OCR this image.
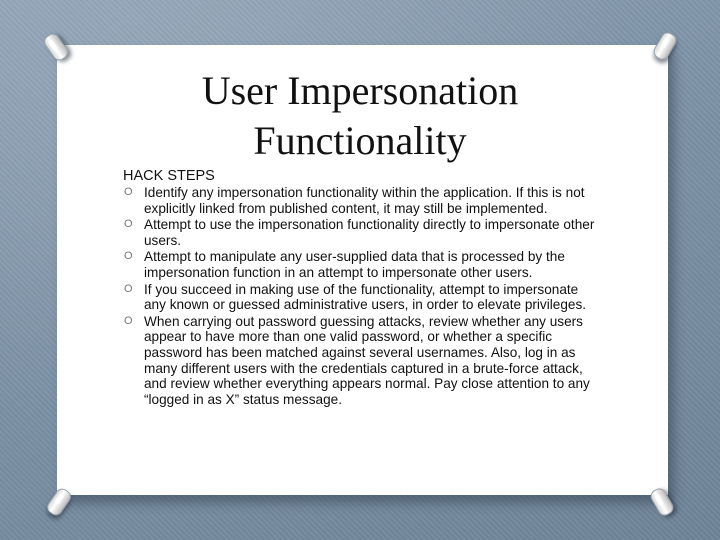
User Impersonation
Functionality
HACK STEPS
O Identify any impersonation functionality within the application. If this is not explicitly linked from published content, it may still be implemented.
O Attempt to use the impersonation functionality directly to impersonate other users.
O Attempt to manipulate any user-supplied data that is processed by the impersonation function in an attempt to impersonate other users.
O If you succeed in making use of the functionality, attempt to impersonate any known or guessed administrative users, in order to elevate privileges.
O When carrying out password guessing attacks, review whether any users appear to have more than one valid password, or whether a specific password has been matched against several usernames. Also, log in as many different users with the credentials captured in a brute-force attack, and review whether everything appears normal. Pay close attention to any “logged in as X” status message.
